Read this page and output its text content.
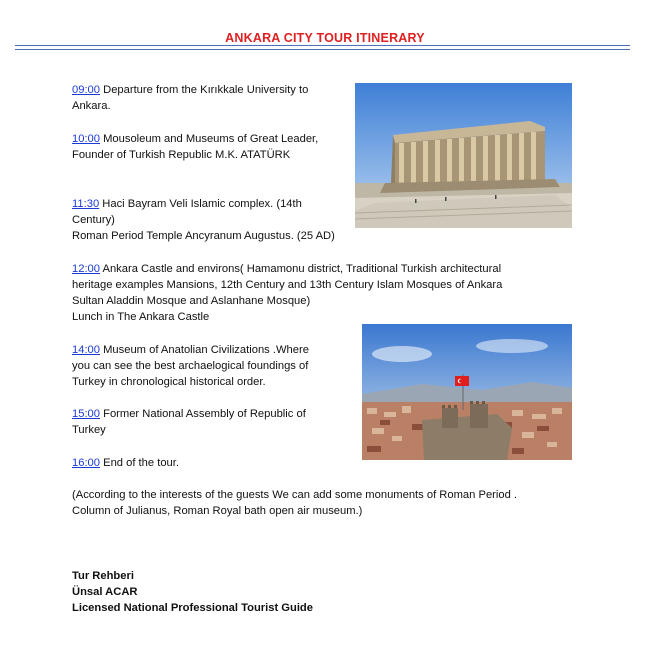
ANKARA CITY TOUR ITINERARY
09:00 Departure from the Kırıkkale University to
Ankara.
10:00 Mousoleum and Museums of Great Leader,
Founder of Turkish Republic M.K. ATATÜRK
11:30 Haci Bayram Veli Islamic complex. (14th
Century)
Roman Period Temple Ancyranum Augustus. (25 AD)
12:00 Ankara Castle and environs( Hamamonu district, Traditional Turkish architectural
heritage examples Mansions, 12th Century and 13th Century Islam Mosques of Ankara
Sultan Aladdin Mosque and Aslanhane Mosque)
Lunch in The Ankara Castle
14:00 Museum of Anatolian Civilizations .Where
you can see the best archaelogical foundings of
Turkey in chronological historical order.
15:00 Former National Assembly of Republic of
Turkey
16:00 End of the tour.
(According to the interests of the guests We can add some monuments of Roman Period .
Column of Julianus, Roman Royal bath open air museum.)
Tur Rehberi
Ünsal ACAR
Licensed National Professional Tourist Guide
